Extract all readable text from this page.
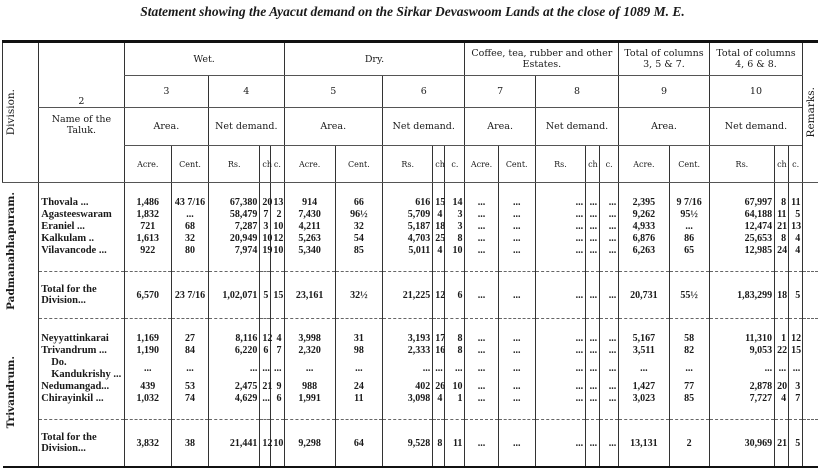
Statement showing the Ayacut demand on the Sirkar Devaswoom Lands at the close of 1089 M. E.
Division.	2	Wet.					Dry.					Coffee, tea, rubber and other Estates.					Total of columns 3, 5 & 7.		Total of columns 4, 6 & 8.			Remarks.

		3		4			5		6			7		8			9		10			
	Name of the Taluk.	Area.		Net demand.			Area.		Net demand.			Area.		Net demand.			Area.		Net demand.			
		Acre.	Cent.	Rs.	ch	c.	Acre.	Cent.	Rs.	ch	c.	Acre.	Cent.	Rs.	ch	c.	Acre.	Cent.	Rs.	ch	c.	

Padmanabhapuram.																						

	Thovala ...	1,486	43 7/16	67,380	20	13	914	66	616	15	14	...	...	...	...	...	2,395	9 7/16	67,997	8	11	
	Agasteeswaram	1,832	...	58,479	7	2	7,430	96½	5,709	4	3	...	...	...	...	...	9,262	95½	64,188	11	5	
	Eraniel ...	721	68	7,287	3	10	4,211	32	5,187	18	3	...	...	...	...	...	4,933	...	12,474	21	13	
	Kalkulam ..	1,613	32	20,949	10	12	5,263	54	4,703	25	8	...	...	...	...	...	6,876	86	25,653	8	4	
	Vilavancode ...	922	80	7,974	19	10	5,340	85	5,011	4	10	...	...	...	...	...	6,263	65	12,985	24	4	

	Total for the Division...	6,570	23 7/16	1,02,071	5	15	23,161	32½	21,225	12	6	...	...	...	...	...	20,731	55½	1,83,299	18	5	

Trivandrum.																						

	Neyyattinkarai	1,169	27	8,116	12	4	3,998	31	3,193	17	8	...	...	...	...	...	5,167	58	11,310	1	12	
	Trivandrum ...	1,190	84	6,220	6	7	2,320	98	2,333	16	8	...	...	...	...	...	3,511	82	9,053	22	15	
	Do. Kandukrishy ...	...	...	...	...	...	...	...	...	...	...	...	...	...	...	...	...	...	...	...	...	
	Nedumangad...	439	53	2,475	21	9	988	24	402	26	10	...	...	...	...	...	1,427	77	2,878	20	3	
	Chirayinkil ...	1,032	74	4,629	...	6	1,991	11	3,098	4	1	...	...	...	...	...	3,023	85	7,727	4	7	

	Total for the Division...	3,832	38	21,441	12	10	9,298	64	9,528	8	11	...	...	...	...	...	13,131	2	30,969	21	5	
